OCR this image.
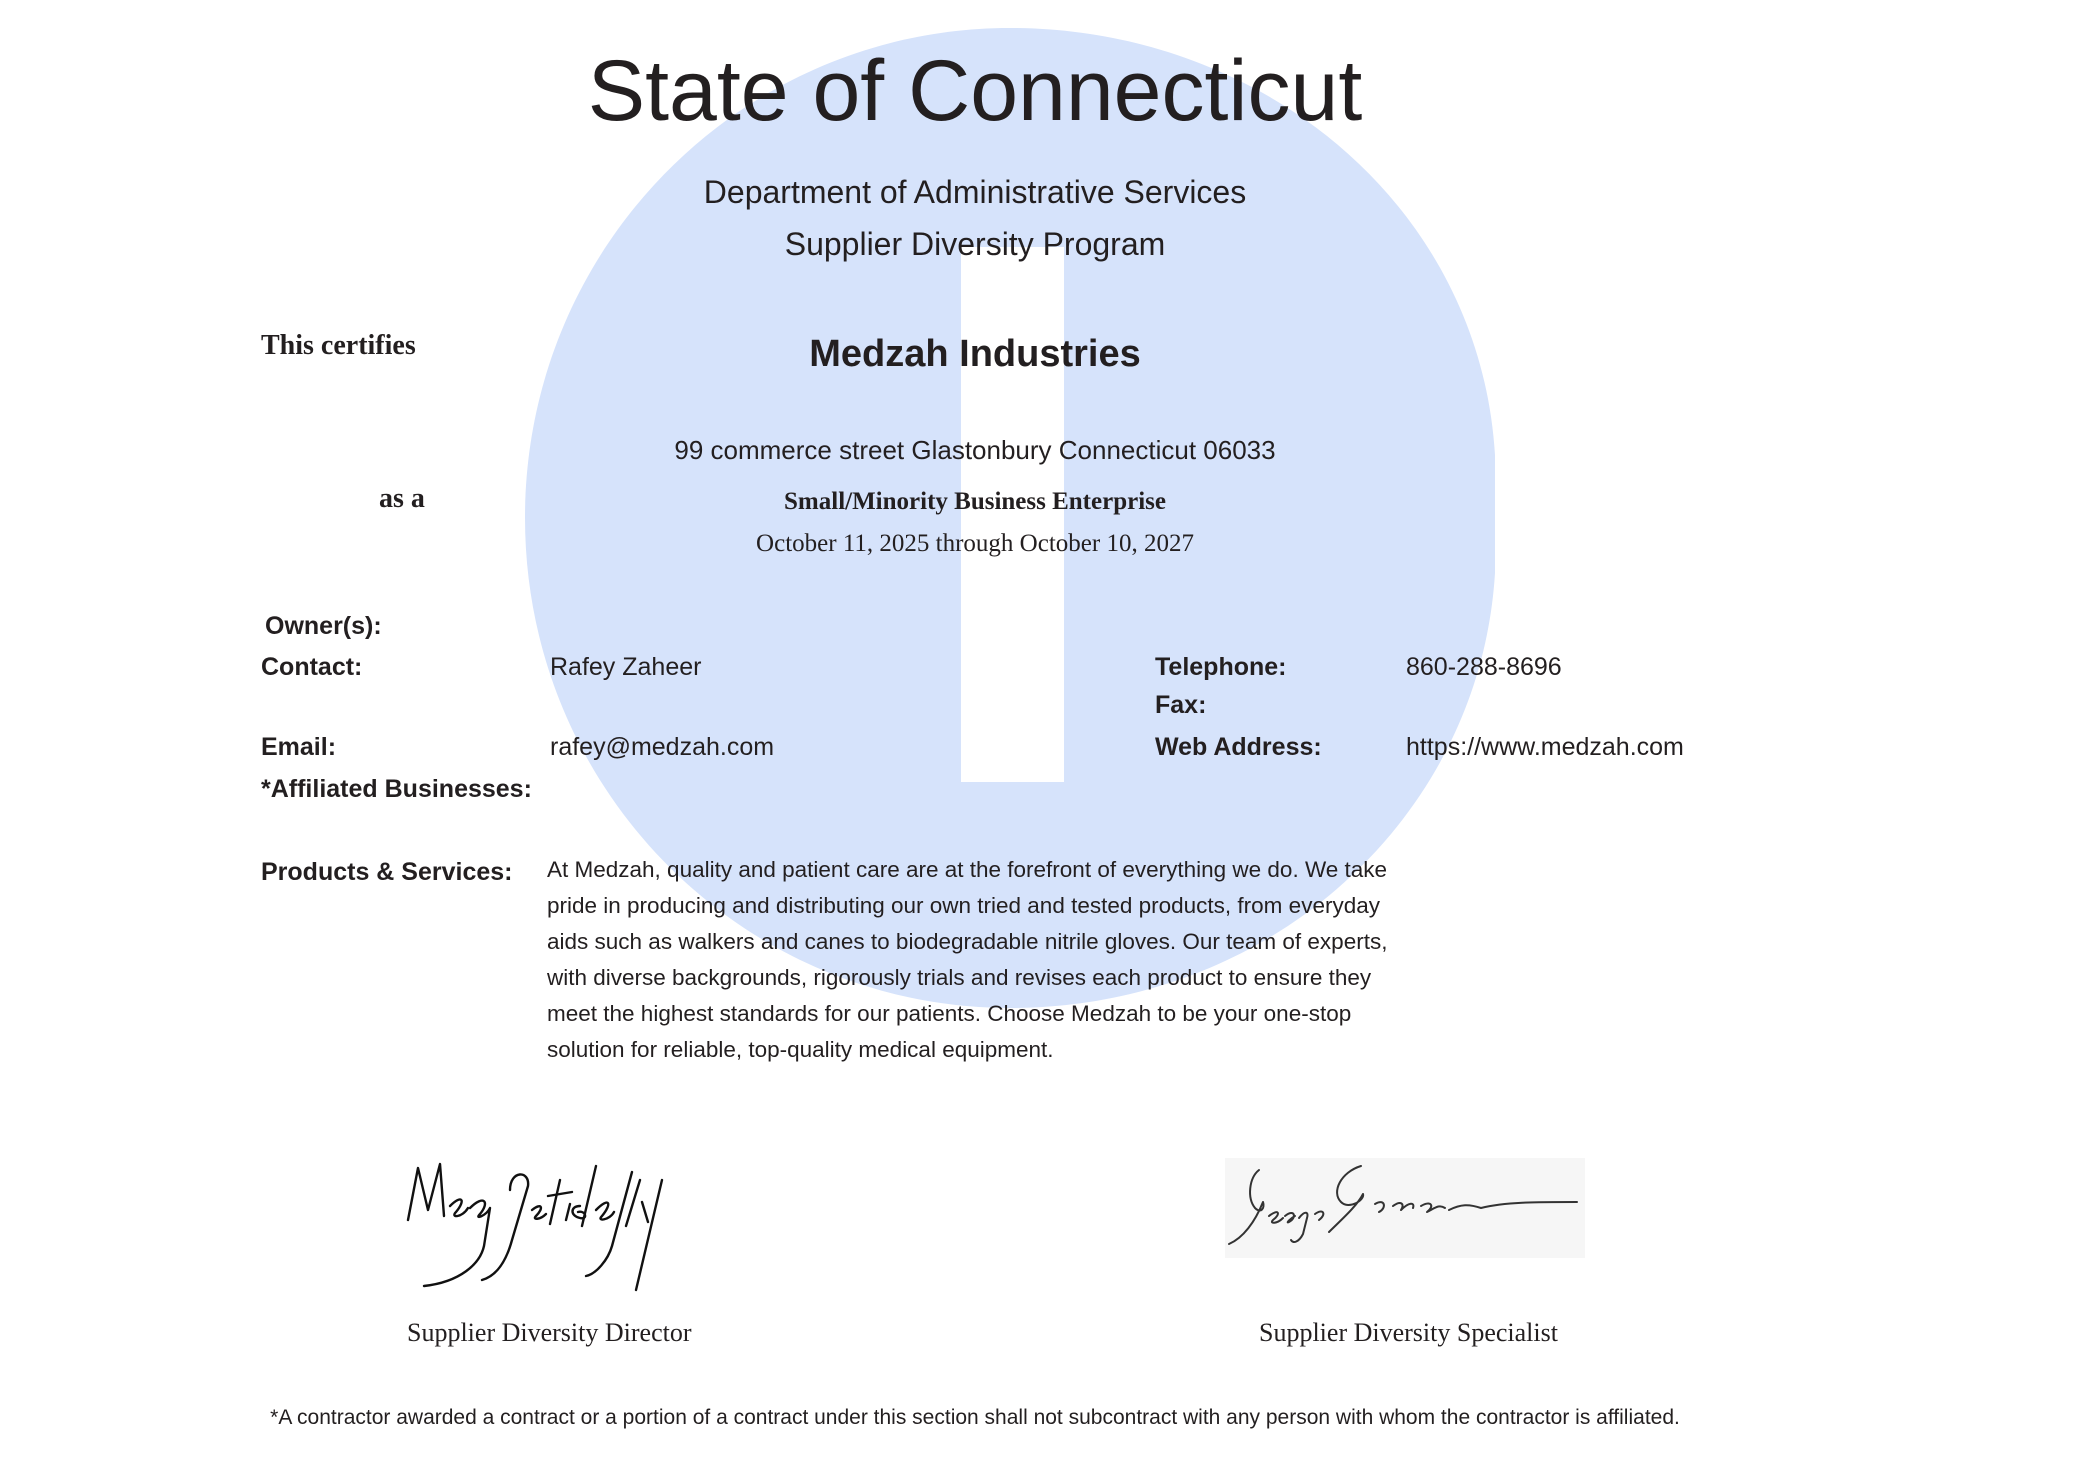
State of Connecticut
Department of Administrative Services
Supplier Diversity Program
This certifies	Medzah Industries
99 commerce street Glastonbury Connecticut 06033
as a	Small/Minority Business Enterprise
October 11, 2025 through October 10, 2027
Owner(s):
Contact:	Rafey Zaheer	Telephone:	860-288-8696
Fax:
Email:	rafey@medzah.com	Web Address:	https://www.medzah.com
*Affiliated Businesses:
Products & Services: At Medzah, quality and patient care are at the forefront of everything we do. We take pride in producing and distributing our own tried and tested products, from everyday aids such as walkers and canes to biodegradable nitrile gloves. Our team of experts, with diverse backgrounds, rigorously trials and revises each product to ensure they meet the highest standards for our patients. Choose Medzah to be your one-stop solution for reliable, top-quality medical equipment.
Meg Yetishefsky
Supplier Diversity Director
George Bronzo
Supplier Diversity Specialist
*A contractor awarded a contract or a portion of a contract under this section shall not subcontract with any person with whom the contractor is affiliated.
